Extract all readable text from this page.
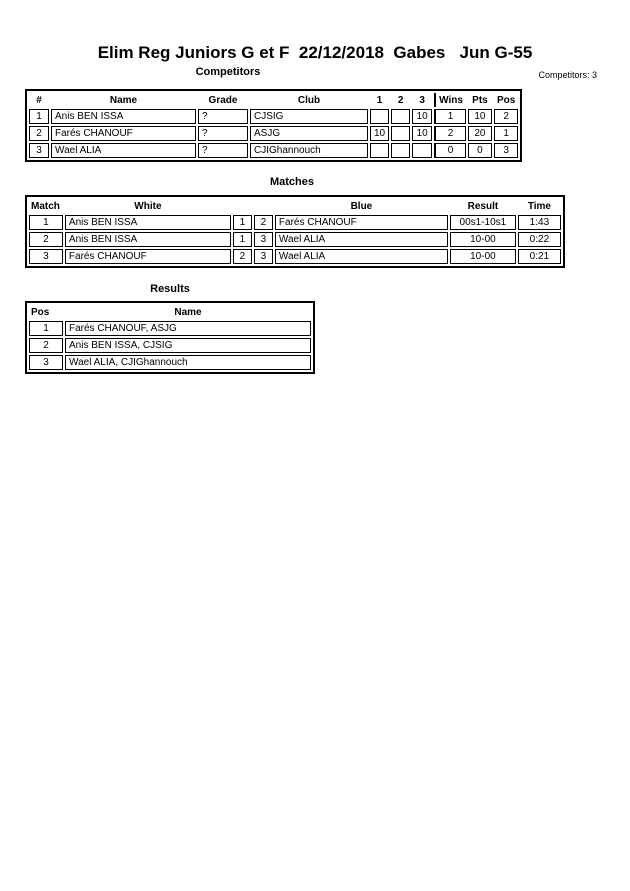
Elim Reg Juniors G et F  22/12/2018  Gabes   Jun G-55
Competitors	Competitors: 3
#	Name	Grade	Club	1	2	3	Wins	Pts	Pos
1	Anis BEN ISSA	?	CJSIG			10	1	10	2
2	Farés CHANOUF	?	ASJG	10		10	2	20	1
3	Wael ALIA	?	CJIGhannouch				0	0	3
Matches
Match	White			Blue	Result	Time
1	Anis BEN ISSA	1	2	Farés CHANOUF	00s1-10s1	1:43
2	Anis BEN ISSA	1	3	Wael ALIA	10-00	0:22
3	Farés CHANOUF	2	3	Wael ALIA	10-00	0:21
Results
Pos	Name
1	Farés CHANOUF, ASJG
2	Anis BEN ISSA, CJSIG
3	Wael ALIA, CJIGhannouch
